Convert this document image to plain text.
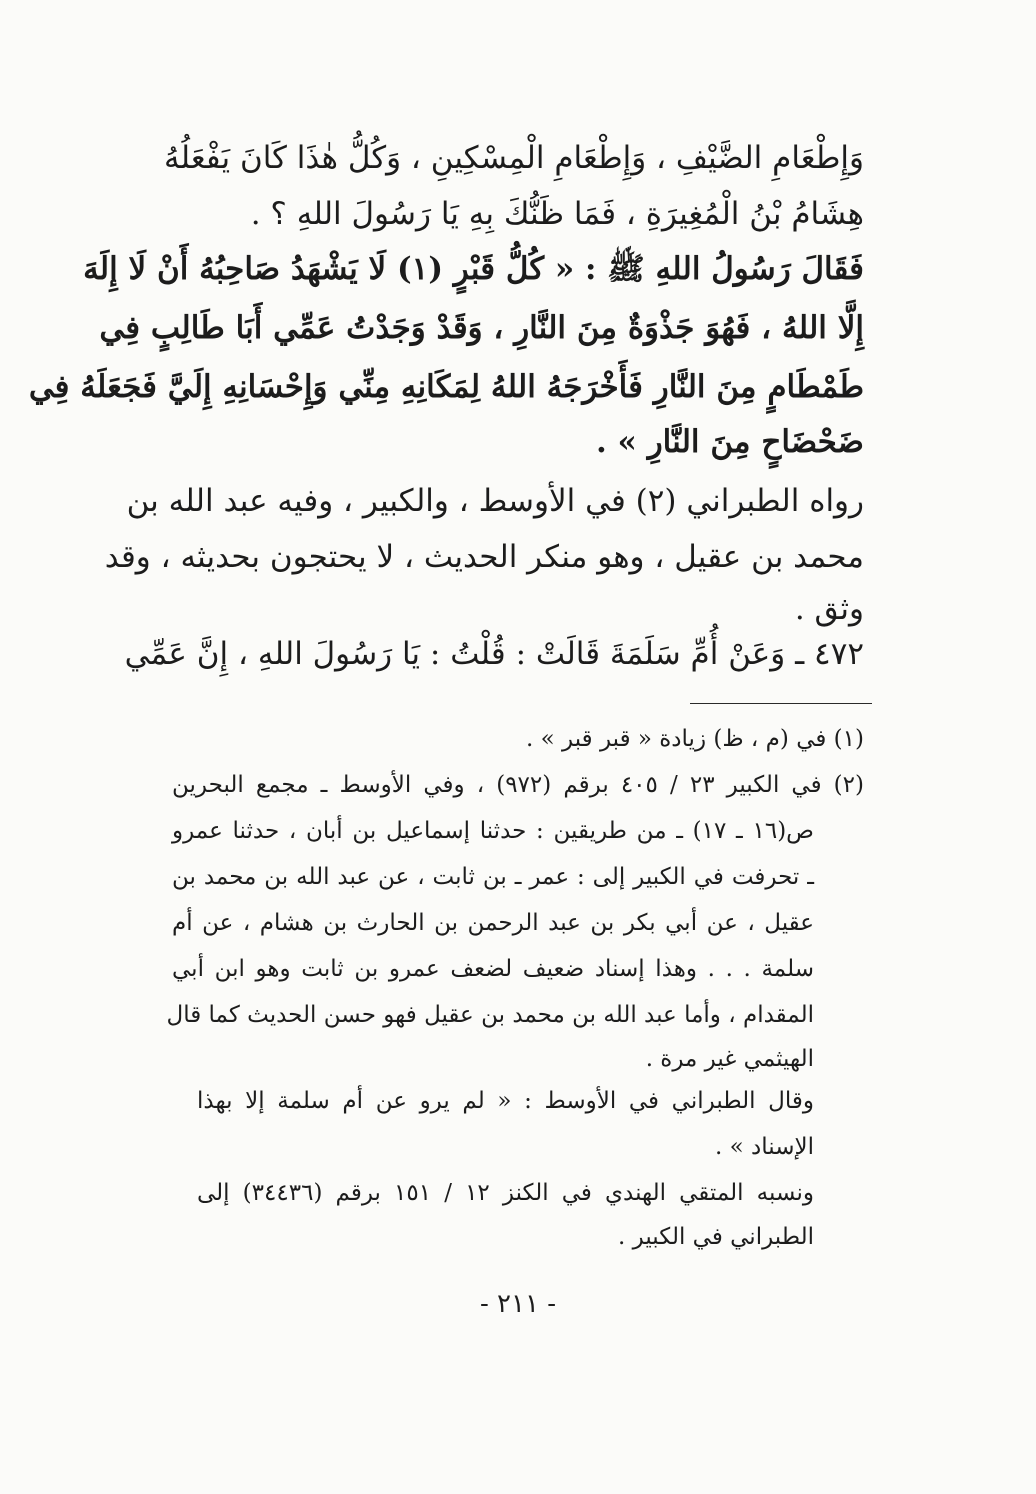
وَإِطْعَامِ الضَّيْفِ ، وَإِطْعَامِ الْمِسْكِينِ ، وَكُلُّ هٰذَا كَانَ يَفْعَلُهُ
هِشَامُ بْنُ الْمُغِيرَةِ ، فَمَا ظَنُّكَ بِهِ يَا رَسُولَ اللهِ ؟ .
فَقَالَ رَسُولُ اللهِ ﷺ : « كُلُّ قَبْرٍ (١) لَا يَشْهَدُ صَاحِبُهُ أَنْ لَا إِلَهَ
إِلَّا اللهُ ، فَهُوَ جَذْوَةٌ مِنَ النَّارِ ، وَقَدْ وَجَدْتُ عَمِّي أَبَا طَالِبٍ فِي
طَمْطَامٍ مِنَ النَّارِ فَأَخْرَجَهُ اللهُ لِمَكَانِهِ مِنِّي وَإِحْسَانِهِ إِلَيَّ فَجَعَلَهُ فِي
ضَحْضَاحٍ مِنَ النَّارِ » .
رواه الطبراني (٢) في الأوسط ، والكبير ، وفيه عبد الله بن
محمد بن عقيل ، وهو منكر الحديث ، لا يحتجون بحديثه ، وقد
وثق .
٤٧٢ ـ وَعَنْ أُمِّ سَلَمَةَ قَالَتْ : قُلْتُ : يَا رَسُولَ اللهِ ، إِنَّ عَمِّي
(١) في (م ، ظ) زيادة « قبر قبر » .
(٢) في الكبير ٢٣ / ٤٠٥ برقم (٩٧٢) ، وفي الأوسط ـ مجمع البحرين
ص(١٦ ـ ١٧) ـ من طريقين : حدثنا إسماعيل بن أبان ، حدثنا عمرو
ـ تحرفت في الكبير إلى : عمر ـ بن ثابت ، عن عبد الله بن محمد بن
عقيل ، عن أبي بكر بن عبد الرحمن بن الحارث بن هشام ، عن أم
سلمة . . . وهذا إسناد ضعيف لضعف عمرو بن ثابت وهو ابن أبي
المقدام ، وأما عبد الله بن محمد بن عقيل فهو حسن الحديث كما قال
الهيثمي غير مرة .
وقال الطبراني في الأوسط : « لم يرو عن أم سلمة إلا بهذا
الإسناد » .
ونسبه المتقي الهندي في الكنز ١٢ / ١٥١ برقم (٣٤٤٣٦) إلى
الطبراني في الكبير .
- ٢١١ -
